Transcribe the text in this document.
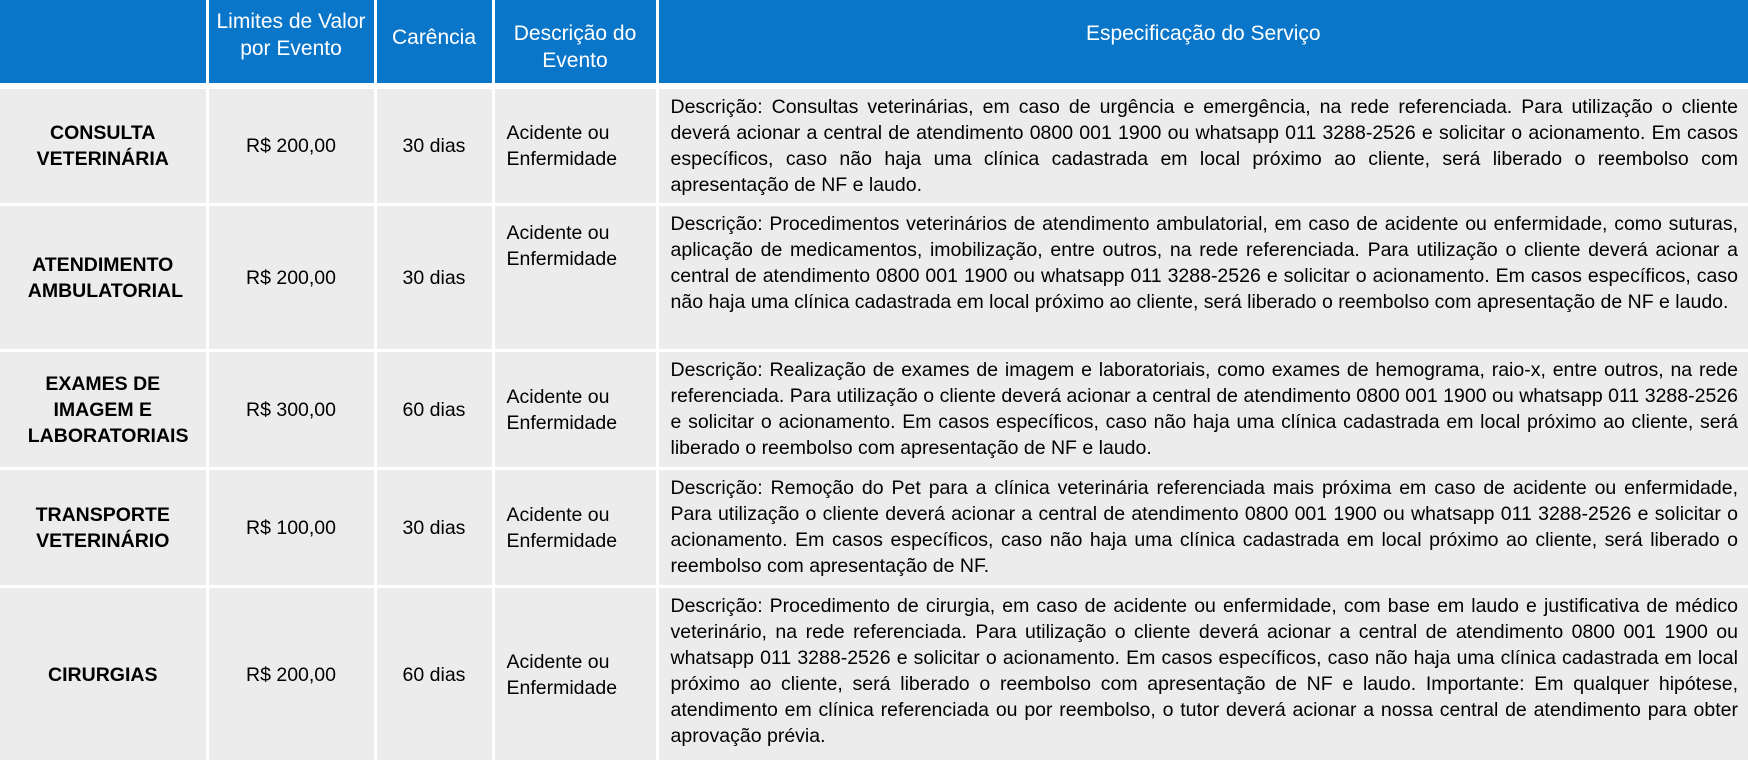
	Limites de Valor por Evento	Carência	Descrição do Evento	Especificação do Serviço
CONSULTA VETERINÁRIA	R$ 200,00	30 dias	Acidente ou Enfermidade	Descrição: Consultas veterinárias, em caso de urgência e emergência, na rede referenciada. Para utilização o cliente deverá acionar a central de atendimento 0800 001 1900 ou whatsapp 011 3288-2526 e solicitar o acionamento. Em casos específicos, caso não haja uma clínica cadastrada em local próximo ao cliente, será liberado o reembolso com apresentação de NF e laudo.
ATENDIMENTO AMBULATORIAL	R$ 200,00	30 dias	Acidente ou Enfermidade	Descrição: Procedimentos veterinários de atendimento ambulatorial, em caso de acidente ou enfermidade, como suturas, aplicação de medicamentos, imobilização, entre outros, na rede referenciada. Para utilização o cliente deverá acionar a central de atendimento 0800 001 1900 ou whatsapp 011 3288-2526 e solicitar o acionamento. Em casos específicos, caso não haja uma clínica cadastrada em local próximo ao cliente, será liberado o reembolso com apresentação de NF e laudo.
EXAMES DE IMAGEM E LABORATORIAIS	R$ 300,00	60 dias	Acidente ou Enfermidade	Descrição: Realização de exames de imagem e laboratoriais, como exames de hemograma, raio-x, entre outros, na rede referenciada. Para utilização o cliente deverá acionar a central de atendimento 0800 001 1900 ou whatsapp 011 3288-2526 e solicitar o acionamento. Em casos específicos, caso não haja uma clínica cadastrada em local próximo ao cliente, será liberado o reembolso com apresentação de NF e laudo.
TRANSPORTE VETERINÁRIO	R$ 100,00	30 dias	Acidente ou Enfermidade	Descrição: Remoção do Pet para a clínica veterinária referenciada mais próxima em caso de acidente ou enfermidade, Para utilização o cliente deverá acionar a central de atendimento 0800 001 1900 ou whatsapp 011 3288-2526 e solicitar o acionamento. Em casos específicos, caso não haja uma clínica cadastrada em local próximo ao cliente, será liberado o reembolso com apresentação de NF.
CIRURGIAS	R$ 200,00	60 dias	Acidente ou Enfermidade	Descrição: Procedimento de cirurgia, em caso de acidente ou enfermidade, com base em laudo e justificativa de médico veterinário, na rede referenciada. Para utilização o cliente deverá acionar a central de atendimento 0800 001 1900 ou whatsapp 011 3288-2526 e solicitar o acionamento. Em casos específicos, caso não haja uma clínica cadastrada em local próximo ao cliente, será liberado o reembolso com apresentação de NF e laudo. Importante: Em qualquer hipótese, atendimento em clínica referenciada ou por reembolso, o tutor deverá acionar a nossa central de atendimento para obter aprovação prévia.
